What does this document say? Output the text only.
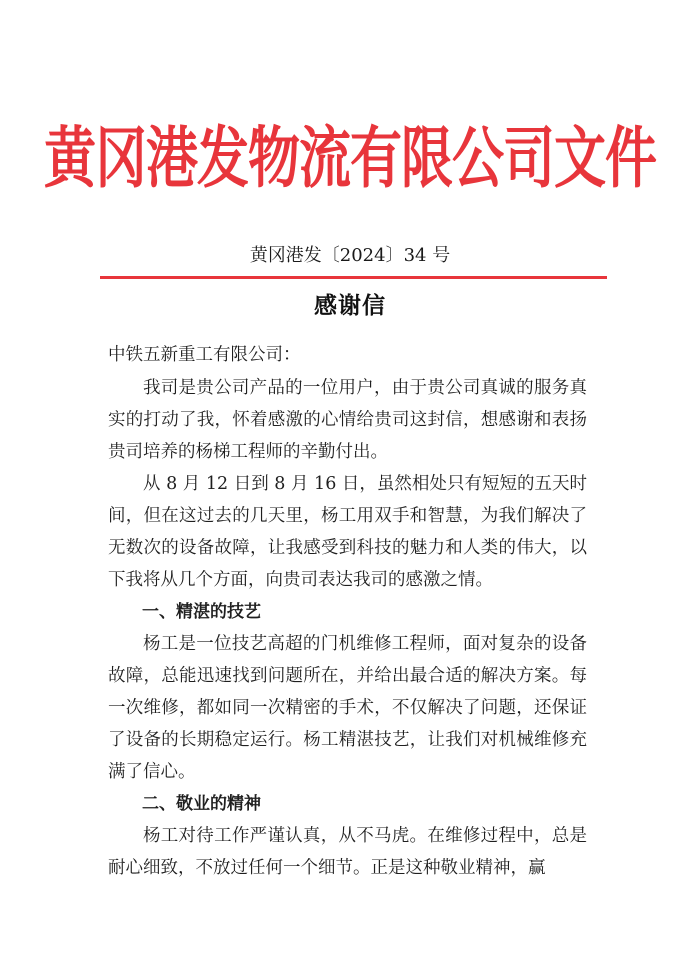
黄冈港发物流有限公司文件
黄冈港发〔2024〕34 号
感谢信

中铁五新重工有限公司：

我司是贵公司产品的一位用户，由于贵公司真诚的服务真实的打动了我，怀着感激的心情给贵司这封信，想感谢和表扬贵司培养的杨梯工程师的辛勤付出。

从 8 月 12 日到 8 月 16 日，虽然相处只有短短的五天时间，但在这过去的几天里，杨工用双手和智慧，为我们解决了无数次的设备故障，让我感受到科技的魅力和人类的伟大，以下我将从几个方面，向贵司表达我司的感激之情。

一、精湛的技艺

杨工是一位技艺高超的门机维修工程师，面对复杂的设备故障，总能迅速找到问题所在，并给出最合适的解决方案。每一次维修，都如同一次精密的手术，不仅解决了问题，还保证了设备的长期稳定运行。杨工精湛技艺，让我们对机械维修充满了信心。

二、敬业的精神

杨工对待工作严谨认真，从不马虎。在维修过程中，总是耐心细致，不放过任何一个细节。正是这种敬业精神，赢
